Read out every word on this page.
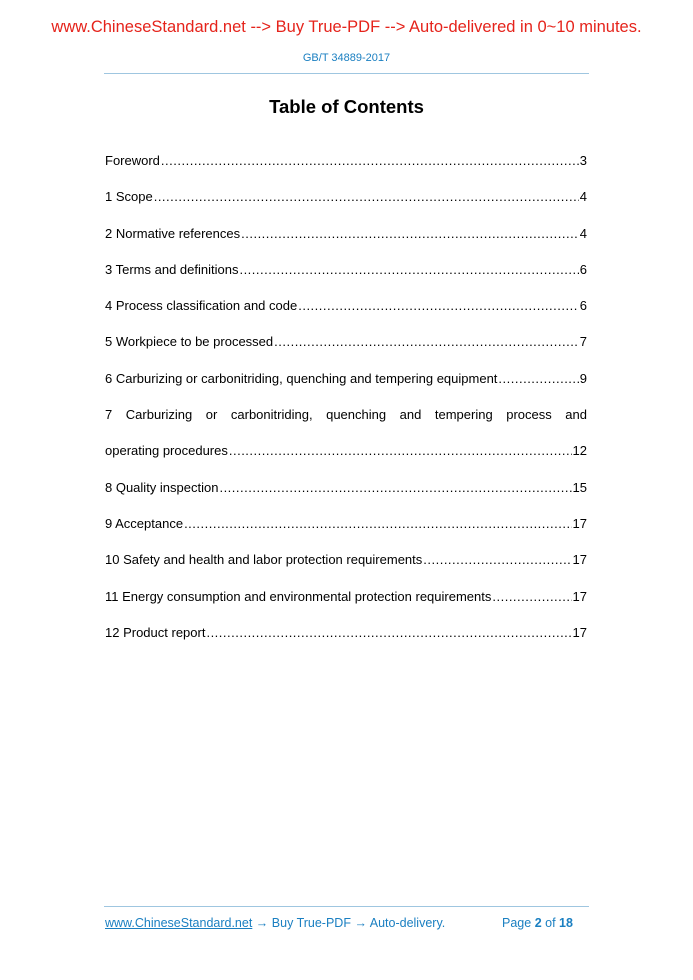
www.ChineseStandard.net --> Buy True-PDF --> Auto-delivered in 0~10 minutes.
GB/T 34889-2017
Table of Contents
Foreword .....	3
1 Scope .....	4
2 Normative references .....	4
3 Terms and definitions .....	6
4 Process classification and code .....	6
5 Workpiece to be processed .....	7
6 Carburizing or carbonitriding, quenching and tempering equipment .....	9
7 Carburizing or carbonitriding, quenching and tempering process and
operating procedures .....	12
8 Quality inspection .....	15
9 Acceptance .....	17
10 Safety and health and labor protection requirements .....	17
11 Energy consumption and environmental protection requirements .....	17
12 Product report .....	17
www.ChineseStandard.net → Buy True-PDF → Auto-delivery.	Page 2 of 18
